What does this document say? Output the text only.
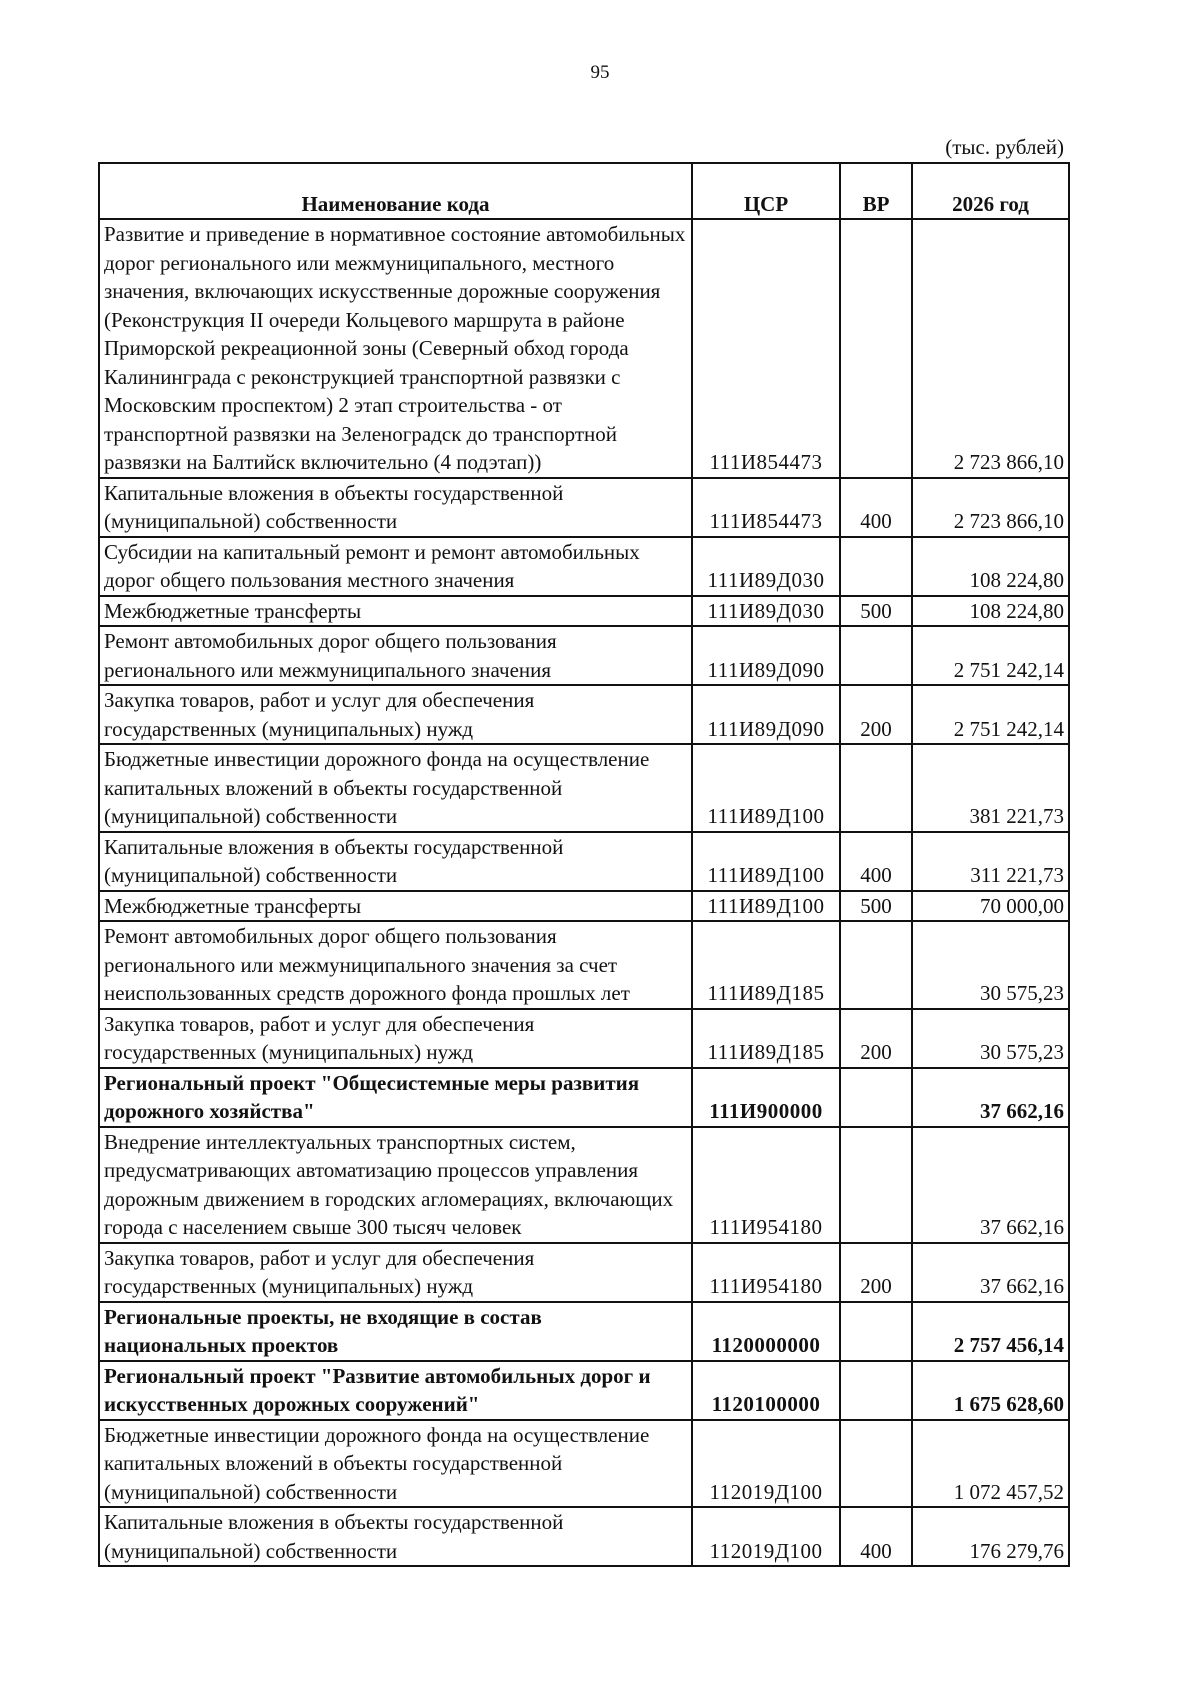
95
(тыс. рублей)
Наименование кода	ЦСР	ВР	2026 год
Развитие и приведение в нормативное состояние автомобильных дорог регионального или межмуниципального, местного значения, включающих искусственные дорожные сооружения (Реконструкция II очереди Кольцевого маршрута в районе Приморской рекреационной зоны (Северный обход города Калининграда с реконструкцией транспортной развязки с Московским проспектом) 2 этап строительства - от транспортной развязки на Зеленоградск до транспортной развязки на Балтийск включительно (4 подэтап))	111И854473		2 723 866,10
Капитальные вложения в объекты государственной (муниципальной) собственности	111И854473	400	2 723 866,10
Субсидии на капитальный ремонт и ремонт автомобильных дорог общего пользования местного значения	111И89Д030		108 224,80
Межбюджетные трансферты	111И89Д030	500	108 224,80
Ремонт автомобильных дорог общего пользования регионального или межмуниципального значения	111И89Д090		2 751 242,14
Закупка товаров, работ и услуг для обеспечения государственных (муниципальных) нужд	111И89Д090	200	2 751 242,14
Бюджетные инвестиции дорожного фонда на осуществление капитальных вложений в объекты государственной (муниципальной) собственности	111И89Д100		381 221,73
Капитальные вложения в объекты государственной (муниципальной) собственности	111И89Д100	400	311 221,73
Межбюджетные трансферты	111И89Д100	500	70 000,00
Ремонт автомобильных дорог общего пользования регионального или межмуниципального значения за счет неиспользованных средств дорожного фонда прошлых лет	111И89Д185		30 575,23
Закупка товаров, работ и услуг для обеспечения государственных (муниципальных) нужд	111И89Д185	200	30 575,23
Региональный проект "Общесистемные меры развития дорожного хозяйства"	111И900000		37 662,16
Внедрение интеллектуальных транспортных систем, предусматривающих автоматизацию процессов управления дорожным движением в городских агломерациях, включающих города с населением свыше 300 тысяч человек	111И954180		37 662,16
Закупка товаров, работ и услуг для обеспечения государственных (муниципальных) нужд	111И954180	200	37 662,16
Региональные проекты, не входящие в состав национальных проектов	1120000000		2 757 456,14
Региональный проект "Развитие автомобильных дорог и искусственных дорожных сооружений"	1120100000		1 675 628,60
Бюджетные инвестиции дорожного фонда на осуществление капитальных вложений в объекты государственной (муниципальной) собственности	112019Д100		1 072 457,52
Капитальные вложения в объекты государственной (муниципальной) собственности	112019Д100	400	176 279,76
